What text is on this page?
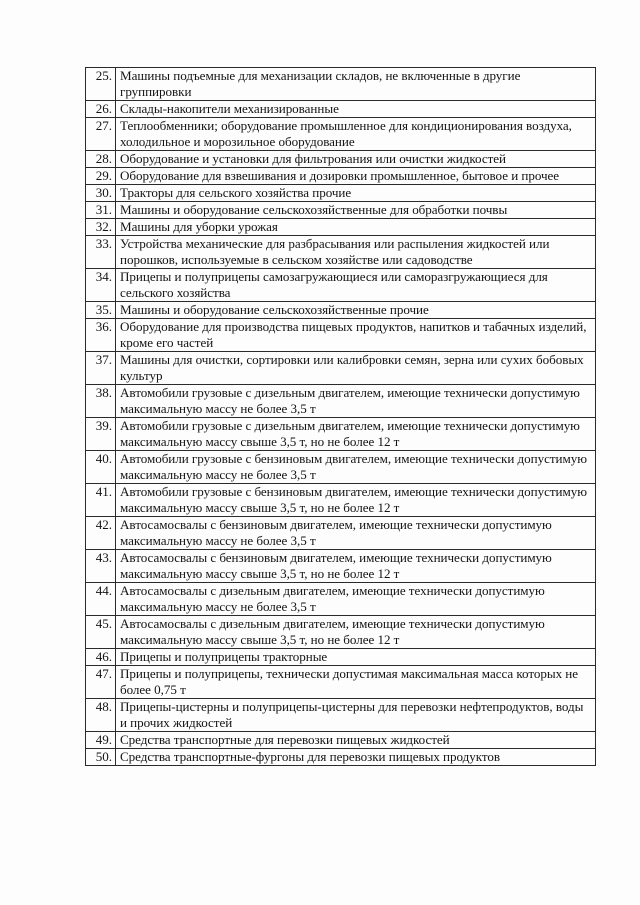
25.	Машины подъемные для механизации складов, не включенные в другие группировки
26.	Склады-накопители механизированные
27.	Теплообменники; оборудование промышленное для кондиционирования воздуха, холодильное и морозильное оборудование
28.	Оборудование и установки для фильтрования или очистки жидкостей
29.	Оборудование для взвешивания и дозировки промышленное, бытовое и прочее
30.	Тракторы для сельского хозяйства прочие
31.	Машины и оборудование сельскохозяйственные для обработки почвы
32.	Машины для уборки урожая
33.	Устройства механические для разбрасывания или распыления жидкостей или порошков, используемые в сельском хозяйстве или садоводстве
34.	Прицепы и полуприцепы самозагружающиеся или саморазгружающиеся для сельского хозяйства
35.	Машины и оборудование сельскохозяйственные прочие
36.	Оборудование для производства пищевых продуктов, напитков и табачных изделий, кроме его частей
37.	Машины для очистки, сортировки или калибровки семян, зерна или сухих бобовых культур
38.	Автомобили грузовые с дизельным двигателем, имеющие технически допустимую максимальную массу не более 3,5 т
39.	Автомобили грузовые с дизельным двигателем, имеющие технически допустимую максимальную массу свыше 3,5 т, но не более 12 т
40.	Автомобили грузовые с бензиновым двигателем, имеющие технически допустимую максимальную массу не более 3,5 т
41.	Автомобили грузовые с бензиновым двигателем, имеющие технически допустимую максимальную массу свыше 3,5 т, но не более 12 т
42.	Автосамосвалы с бензиновым двигателем, имеющие технически допустимую максимальную массу не более 3,5 т
43.	Автосамосвалы с бензиновым двигателем, имеющие технически допустимую максимальную массу свыше 3,5 т, но не более 12 т
44.	Автосамосвалы с дизельным двигателем, имеющие технически допустимую максимальную массу не более 3,5 т
45.	Автосамосвалы с дизельным двигателем, имеющие технически допустимую максимальную массу свыше 3,5 т, но не более 12 т
46.	Прицепы и полуприцепы тракторные
47.	Прицепы и полуприцепы, технически допустимая максимальная масса которых не более 0,75 т
48.	Прицепы-цистерны и полуприцепы-цистерны для перевозки нефтепродуктов, воды и прочих жидкостей
49.	Средства транспортные для перевозки пищевых жидкостей
50.	Средства транспортные-фургоны для перевозки пищевых продуктов
